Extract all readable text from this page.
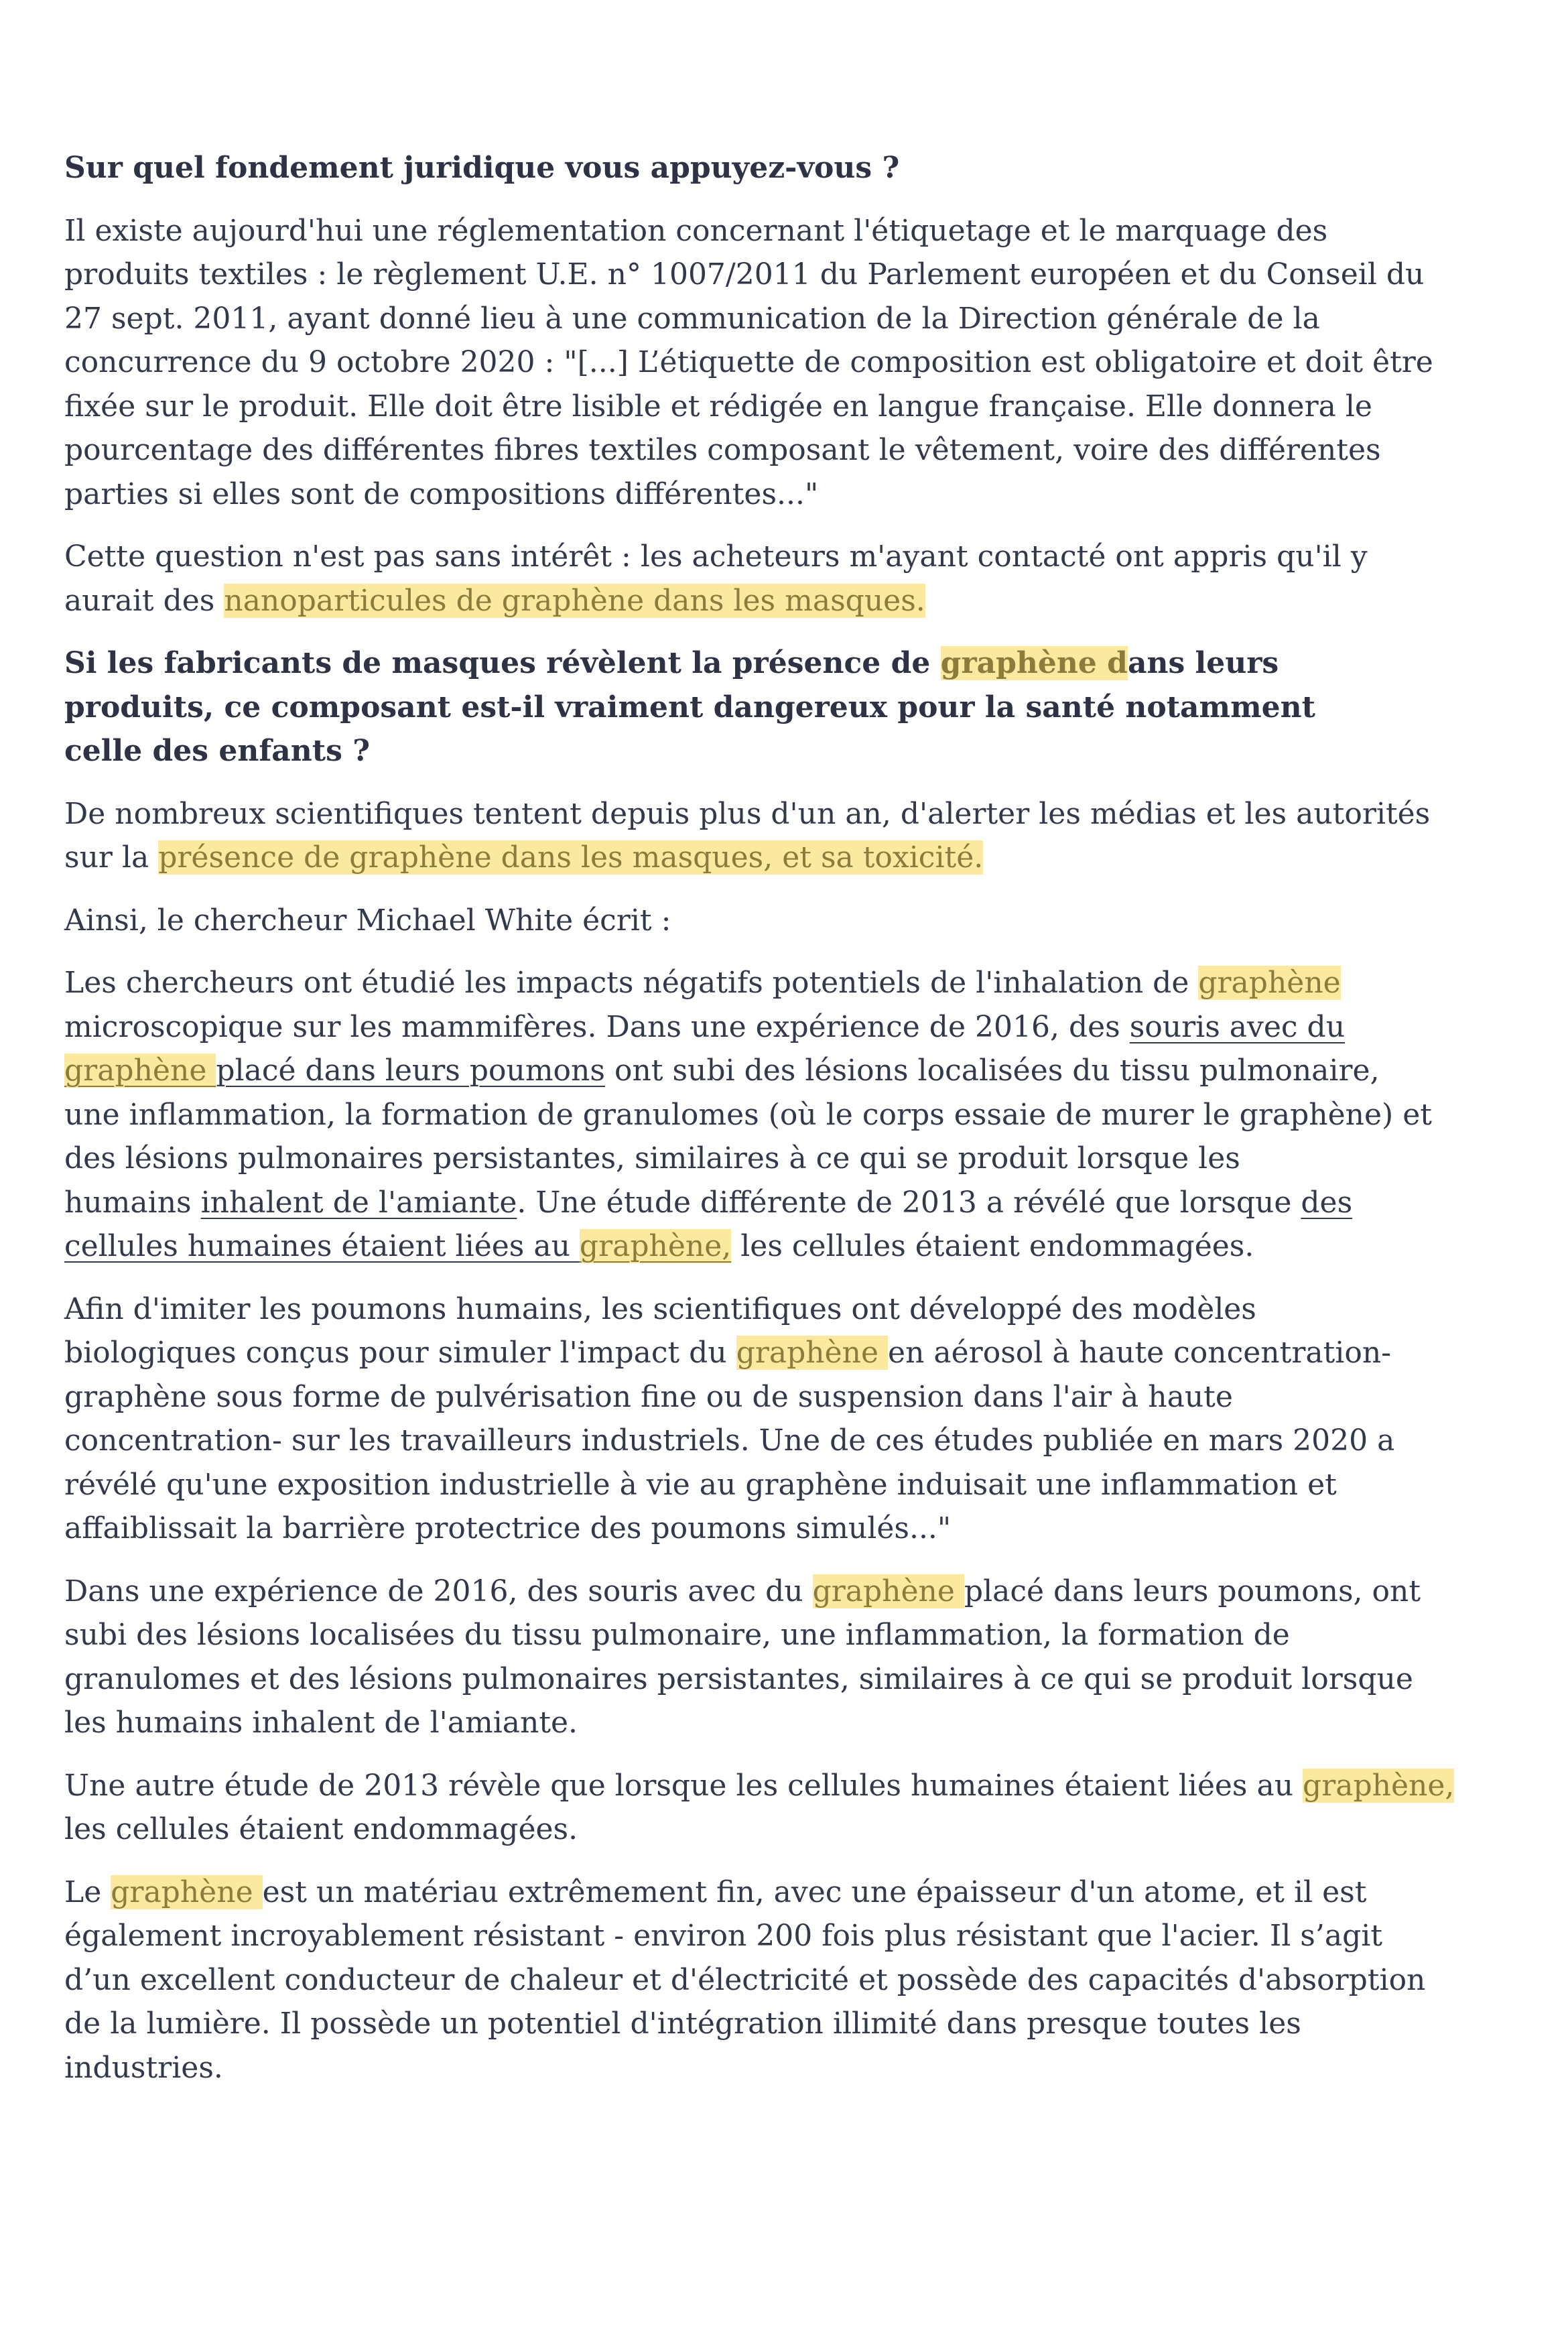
Sur quel fondement juridique vous appuyez-vous ?

Il existe aujourd'hui une réglementation concernant l'étiquetage et le marquage des

produits textiles : le règlement U.E. n° 1007/2011 du Parlement européen et du Conseil du

27 sept. 2011, ayant donné lieu à une communication de la Direction générale de la

concurrence du 9 octobre 2020 : "[...] L’étiquette de composition est obligatoire et doit être

fixée sur le produit. Elle doit être lisible et rédigée en langue française. Elle donnera le

pourcentage des différentes fibres textiles composant le vêtement, voire des différentes

parties si elles sont de compositions différentes..."

Cette question n'est pas sans intérêt : les acheteurs m'ayant contacté ont appris qu'il y

aurait des nanoparticules de graphène dans les masques.

Si les fabricants de masques révèlent la présence de graphène dans leurs

produits, ce composant est-il vraiment dangereux pour la santé notamment

celle des enfants ?

De nombreux scientifiques tentent depuis plus d'un an, d'alerter les médias et les autorités

sur la présence de graphène dans les masques, et sa toxicité.

Ainsi, le chercheur Michael White écrit :

Les chercheurs ont étudié les impacts négatifs potentiels de l'inhalation de graphène

microscopique sur les mammifères. Dans une expérience de 2016, des souris avec du

graphène placé dans leurs poumons ont subi des lésions localisées du tissu pulmonaire,

une inflammation, la formation de granulomes (où le corps essaie de murer le graphène) et

des lésions pulmonaires persistantes, similaires à ce qui se produit lorsque les

humains inhalent de l'amiante. Une étude différente de 2013 a révélé que lorsque des

cellules humaines étaient liées au graphène, les cellules étaient endommagées.

Afin d'imiter les poumons humains, les scientifiques ont développé des modèles

biologiques conçus pour simuler l'impact du graphène en aérosol à haute concentration-

graphène sous forme de pulvérisation fine ou de suspension dans l'air à haute

concentration- sur les travailleurs industriels. Une de ces études publiée en mars 2020 a

révélé qu'une exposition industrielle à vie au graphène induisait une inflammation et

affaiblissait la barrière protectrice des poumons simulés..."

Dans une expérience de 2016, des souris avec du graphène placé dans leurs poumons, ont

subi des lésions localisées du tissu pulmonaire, une inflammation, la formation de

granulomes et des lésions pulmonaires persistantes, similaires à ce qui se produit lorsque

les humains inhalent de l'amiante.

Une autre étude de 2013 révèle que lorsque les cellules humaines étaient liées au graphène,

les cellules étaient endommagées.

Le graphène est un matériau extrêmement fin, avec une épaisseur d'un atome, et il est

également incroyablement résistant - environ 200 fois plus résistant que l'acier. Il s’agit

d’un excellent conducteur de chaleur et d'électricité et possède des capacités d'absorption

de la lumière. Il possède un potentiel d'intégration illimité dans presque toutes les

industries.
